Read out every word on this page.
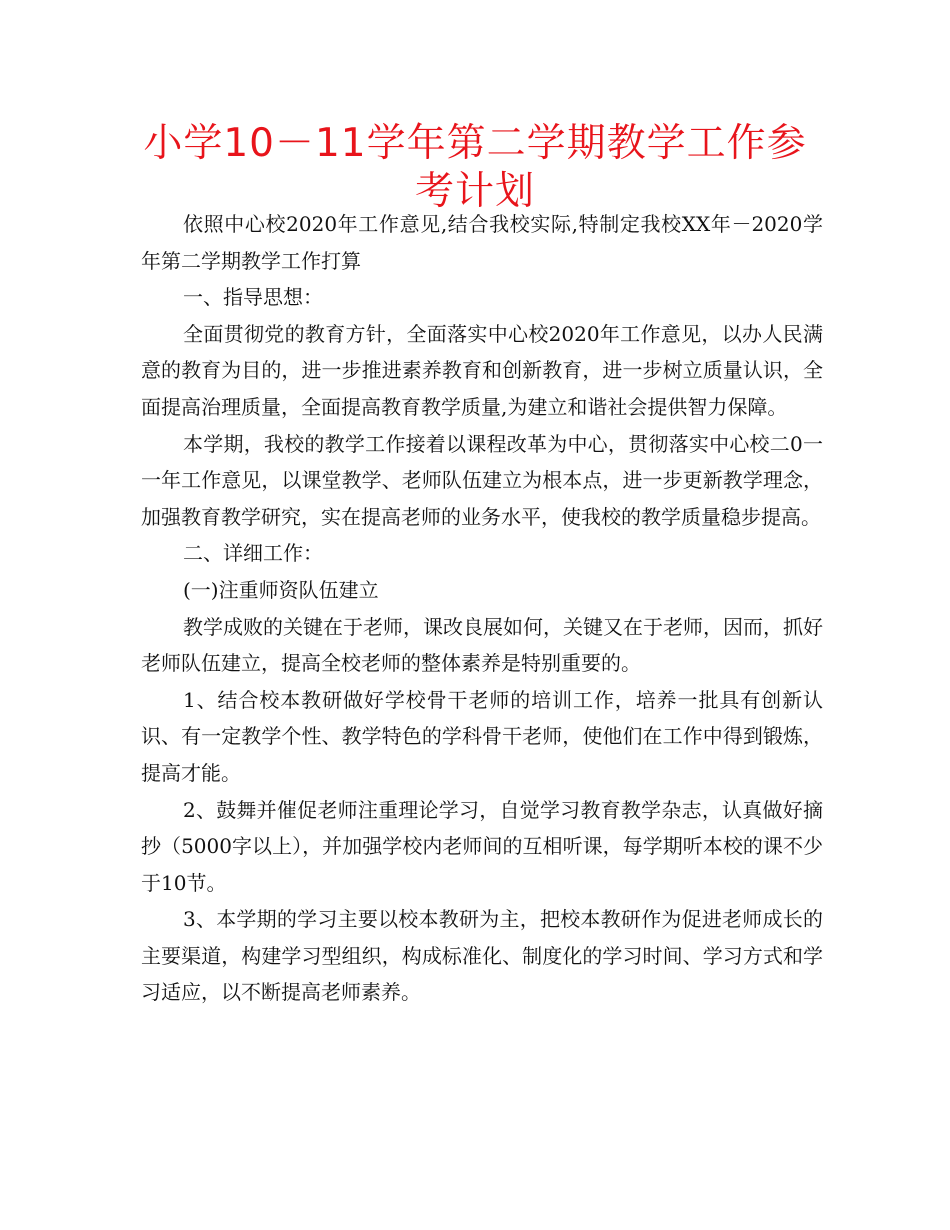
小学10－11学年第二学期教学工作参考计划

依照中心校2020年工作意见,结合我校实际,特制定我校XX年－2020学年第二学期教学工作打算

一、指导思想：

全面贯彻党的教育方针，全面落实中心校2020年工作意见，以办人民满意的教育为目的，进一步推进素养教育和创新教育，进一步树立质量认识，全面提高治理质量，全面提高教育教学质量,为建立和谐社会提供智力保障。

本学期，我校的教学工作接着以课程改革为中心，贯彻落实中心校二0一一年工作意见，以课堂教学、老师队伍建立为根本点，进一步更新教学理念，加强教育教学研究，实在提高老师的业务水平，使我校的教学质量稳步提高。

二、详细工作：

(一)注重师资队伍建立

教学成败的关键在于老师，课改良展如何，关键又在于老师，因而，抓好老师队伍建立，提高全校老师的整体素养是特别重要的。

1、结合校本教研做好学校骨干老师的培训工作，培养一批具有创新认识、有一定教学个性、教学特色的学科骨干老师，使他们在工作中得到锻炼，提高才能。

2、鼓舞并催促老师注重理论学习，自觉学习教育教学杂志，认真做好摘抄（5000字以上），并加强学校内老师间的互相听课，每学期听本校的课不少于10节。

3、本学期的学习主要以校本教研为主，把校本教研作为促进老师成长的主要渠道，构建学习型组织，构成标准化、制度化的学习时间、学习方式和学习适应，以不断提高老师素养。
